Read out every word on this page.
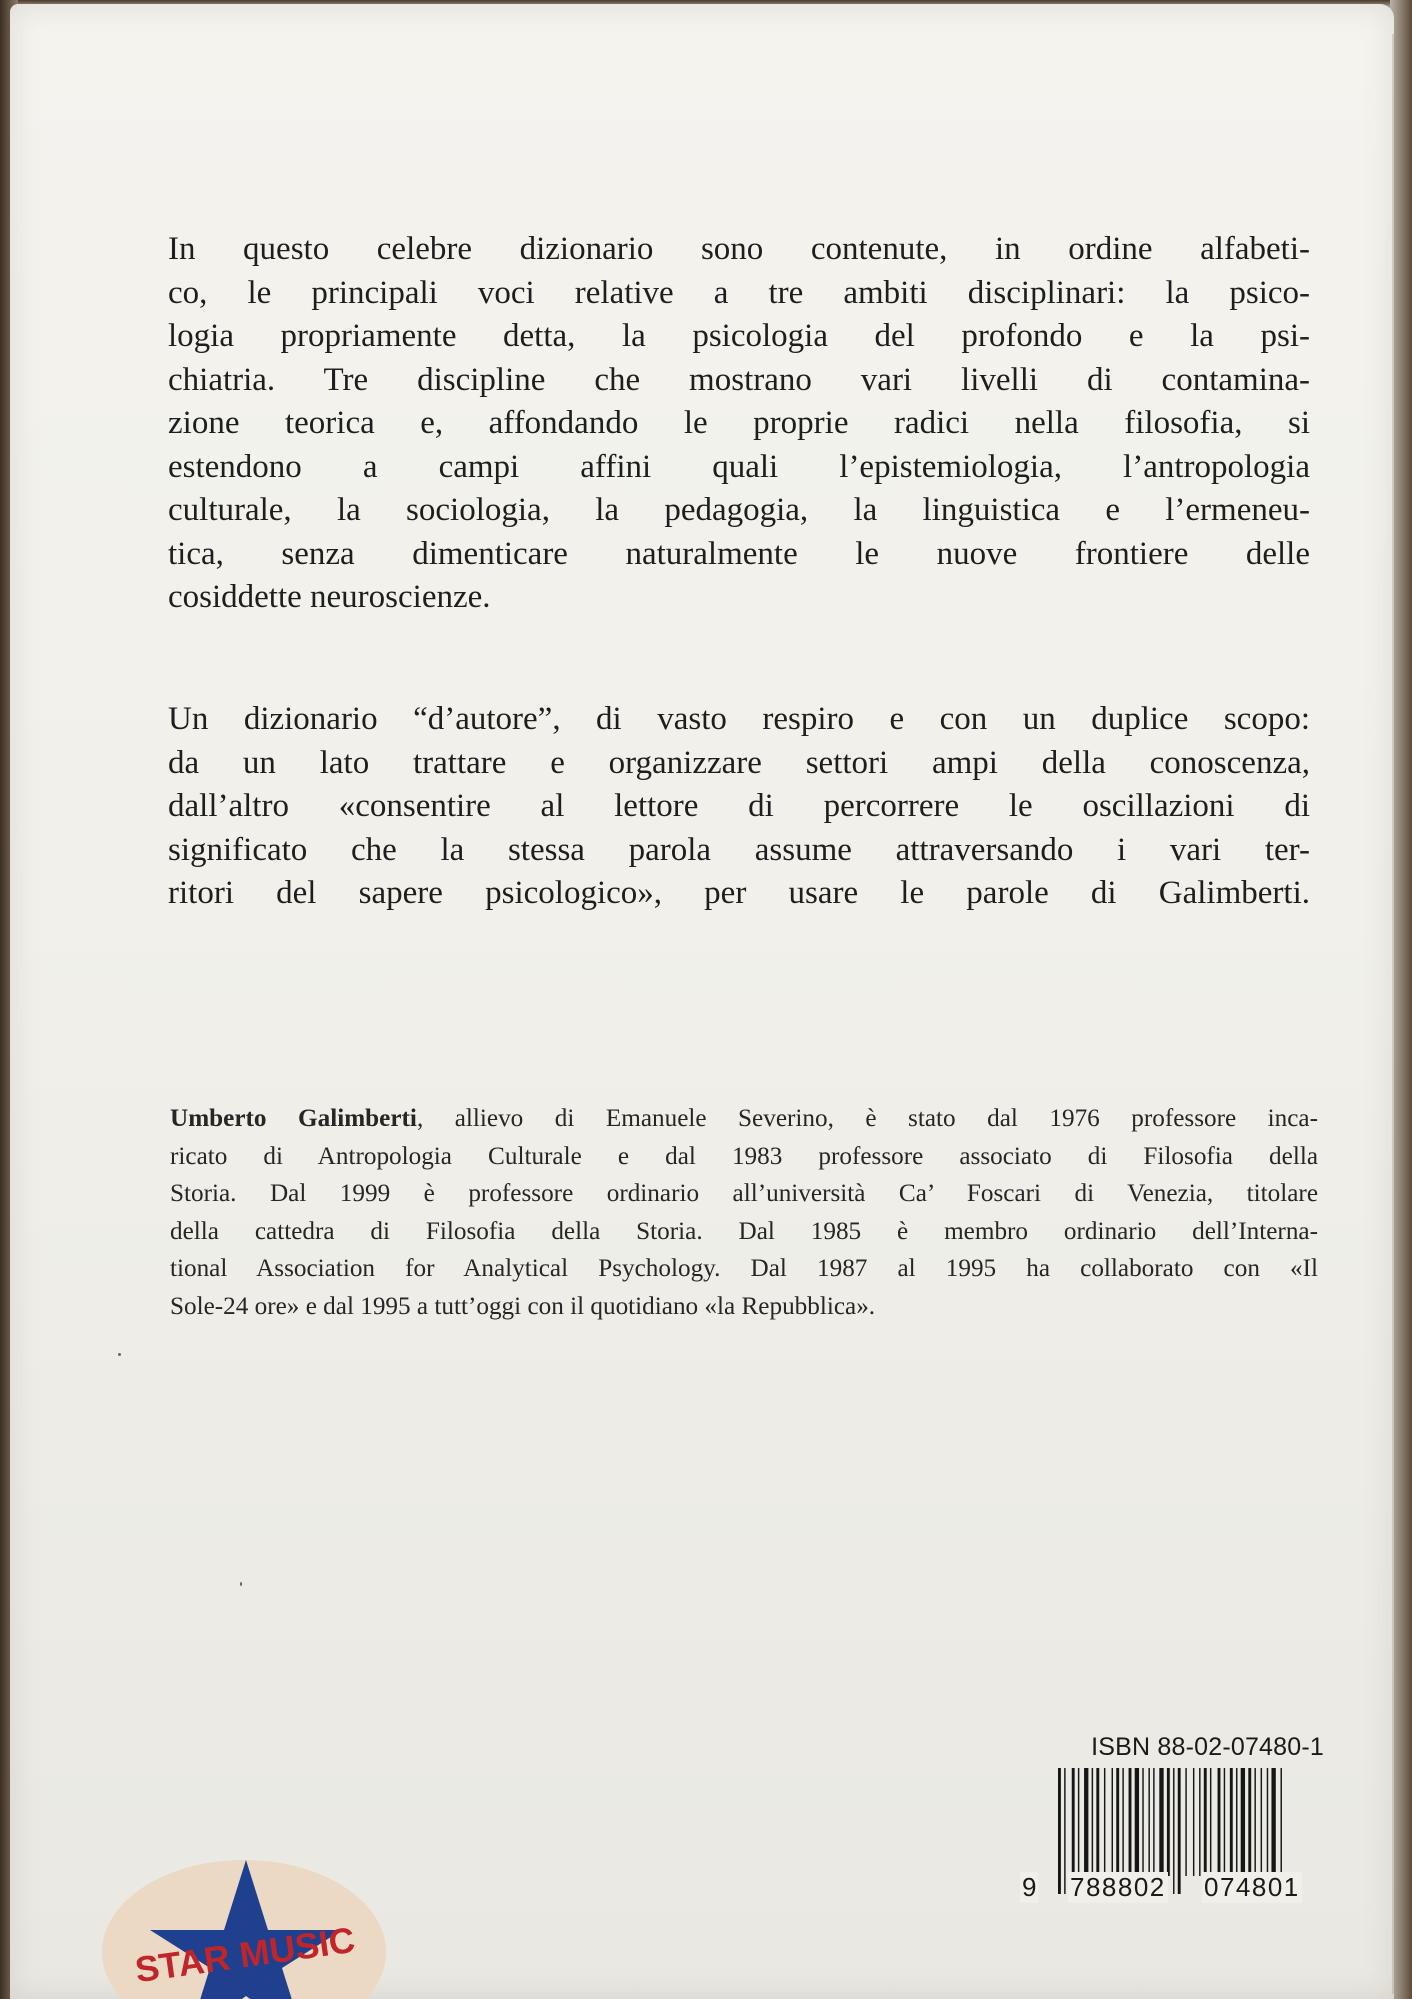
In questo celebre dizionario sono contenute, in ordine alfabeti-
co, le principali voci relative a tre ambiti disciplinari: la psico-
logia propriamente detta, la psicologia del profondo e la psi-
chiatria. Tre discipline che mostrano vari livelli di contamina-
zione teorica e, affondando le proprie radici nella filosofia, si
estendono a campi affini quali l’epistemiologia, l’antropologia
culturale, la sociologia, la pedagogia, la linguistica e l’ermeneu-
tica, senza dimenticare naturalmente le nuove frontiere delle
cosiddette neuroscienze.
Un dizionario “d’autore”, di vasto respiro e con un duplice scopo:
da un lato trattare e organizzare settori ampi della conoscenza,
dall’altro «consentire al lettore di percorrere le oscillazioni di
significato che la stessa parola assume attraversando i vari ter-
ritori del sapere psicologico», per usare le parole di Galimberti.
Umberto Galimberti, allievo di Emanuele Severino, è stato dal 1976 professore inca-
ricato di Antropologia Culturale e dal 1983 professore associato di Filosofia della
Storia. Dal 1999 è professore ordinario all’università Ca’ Foscari di Venezia, titolare
della cattedra di Filosofia della Storia. Dal 1985 è membro ordinario dell’Interna-
tional Association for Analytical Psychology. Dal 1987 al 1995 ha collaborato con «Il
Sole-24 ore» e dal 1995 a tutt’oggi con il quotidiano «la Repubblica».
ISBN 88-02-07480-1
9 788802 074801
STAR MUSIC
